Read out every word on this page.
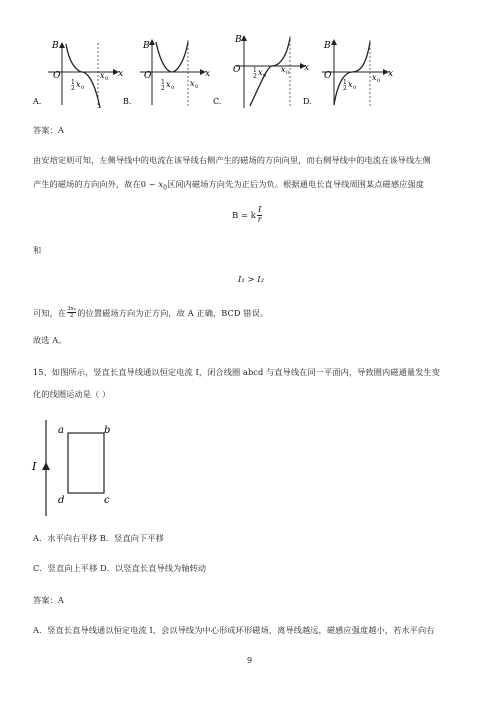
B
x
O
1
2 x 0
x 0
A.
B
x
O
1
2 x 0 x 0
B.
B
x
O 1
2 x 0
x 0
C.
B
x
O
1
2 x 0
x 0
D.
答案：A
由安培定则可知，左侧导线中的电流在该导线右侧产生的磁场的方向向里，而右侧导线中的电流在该导线左侧
产生的磁场的方向向外，故在0 ~ $x_0$区间内磁场方向先为正后为负。根据通电长直导线周围某点磁感应强度
B = k $\frac{I}{r}$
和
I₁ > I₂
可知，在 $\frac{\text{3x₀}}{2}$ 的位置磁场方向为正方向，故 A 正确，BCD 错误。
故选 A。
15、如图所示，竖直长直导线通以恒定电流 I，闭合线圈 abcd 与直导线在同一平面内，导致圈内磁通量发生变
化的线圈运动是（ ）
a	b
c
d
I
A．水平向右平移 B．竖直向下平移
C．竖直向上平移 D．以竖直长直导线为轴转动
答案：A
A．竖直长直导线通以恒定电流 I，会以导线为中心形成环形磁场，离导线越远，磁感应强度越小，若水平向右
9
